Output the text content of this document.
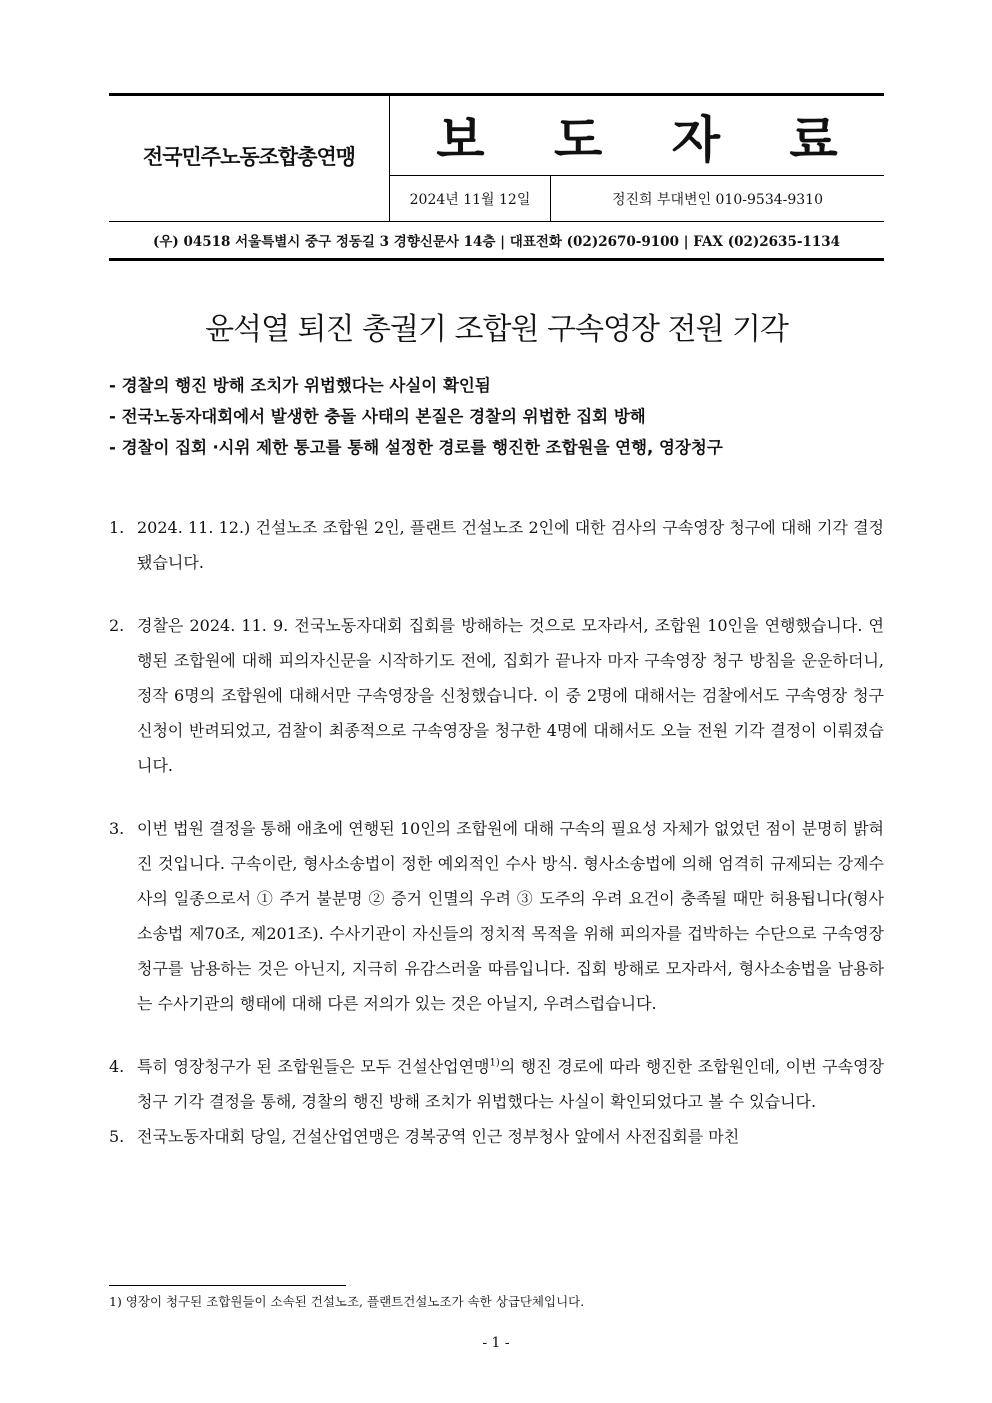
전국민주노동조합총연맹	보 도 자 료
2024년 11월 12일	정진희 부대변인 010-9534-9310
(우) 04518 서울특별시 중구 정동길 3 경향신문사 14층 | 대표전화 (02)2670-9100 | FAX (02)2635-1134
윤석열 퇴진 총궐기 조합원 구속영장 전원 기각
- 경찰의 행진 방해 조치가 위법했다는 사실이 확인됨
- 전국노동자대회에서 발생한 충돌 사태의 본질은 경찰의 위법한 집회 방해
- 경찰이 집회 ‧시위 제한 통고를 통해 설정한 경로를 행진한 조합원을 연행, 영장청구
1. 2024. 11. 12.) 건설노조 조합원 2인, 플랜트 건설노조 2인에 대한 검사의 구속영장 청구에 대해 기각 결정 됐습니다.
2. 경찰은 2024. 11. 9. 전국노동자대회 집회를 방해하는 것으로 모자라서, 조합원 10인을 연행했습니다. 연행된 조합원에 대해 피의자신문을 시작하기도 전에, 집회가 끝나자 마자 구속영장 청구 방침을 운운하더니, 정작 6명의 조합원에 대해서만 구속영장을 신청했습니다. 이 중 2명에 대해서는 검찰에서도 구속영장 청구 신청이 반려되었고, 검찰이 최종적으로 구속영장을 청구한 4명에 대해서도 오늘 전원 기각 결정이 이뤄졌습니다.
3. 이번 법원 결정을 통해 애초에 연행된 10인의 조합원에 대해 구속의 필요성 자체가 없었던 점이 분명히 밝혀진 것입니다. 구속이란, 형사소송법이 정한 예외적인 수사 방식. 형사소송법에 의해 엄격히 규제되는 강제수사의 일종으로서 ① 주거 불분명 ② 증거 인멸의 우려 ③ 도주의 우려 요건이 충족될 때만 허용됩니다(형사소송법 제70조, 제201조). 수사기관이 자신들의 정치적 목적을 위해 피의자를 겁박하는 수단으로 구속영장 청구를 남용하는 것은 아닌지, 지극히 유감스러울 따름입니다. 집회 방해로 모자라서, 형사소송법을 남용하는 수사기관의 행태에 대해 다른 저의가 있는 것은 아닐지, 우려스럽습니다.
4. 특히 영장청구가 된 조합원들은 모두 건설산업연맹$^{1)}$의 행진 경로에 따라 행진한 조합원인데, 이번 구속영장 청구 기각 결정을 통해, 경찰의 행진 방해 조치가 위법했다는 사실이 확인되었다고 볼 수 있습니다.
5. 전국노동자대회 당일, 건설산업연맹은 경복궁역 인근 정부청사 앞에서 사전집회를 마친
1) 영장이 청구된 조합원들이 소속된 건설노조, 플랜트건설노조가 속한 상급단체입니다.
- 1 -
